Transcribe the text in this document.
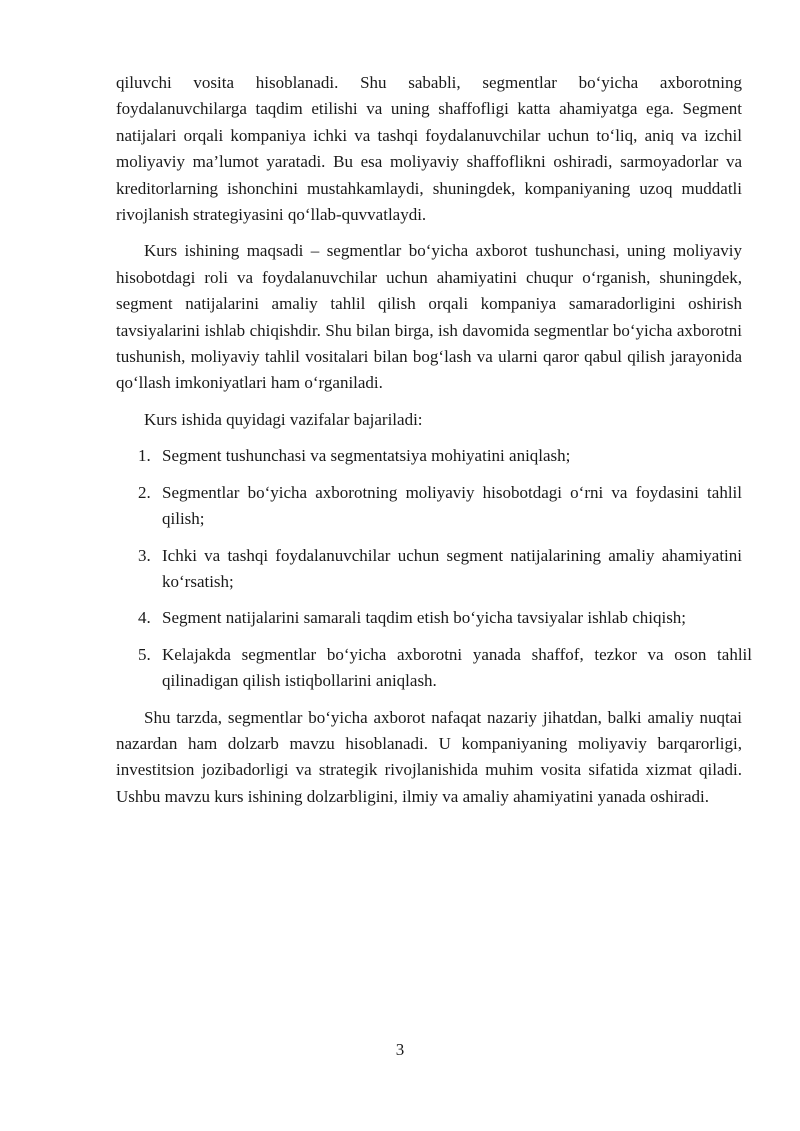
qiluvchi vosita hisoblanadi. Shu sababli, segmentlar bo‘yicha axborotning foydalanuvchilarga taqdim etilishi va uning shaffofligi katta ahamiyatga ega. Segment natijalari orqali kompaniya ichki va tashqi foydalanuvchilar uchun to‘liq, aniq va izchil moliyaviy ma’lumot yaratadi. Bu esa moliyaviy shaffoflikni oshiradi, sarmoyadorlar va kreditorlarning ishonchini mustahkamlaydi, shuningdek, kompaniyaning uzoq muddatli rivojlanish strategiyasini qo‘llab-quvvatlaydi.

Kurs ishining maqsadi – segmentlar bo‘yicha axborot tushunchasi, uning moliyaviy hisobotdagi roli va foydalanuvchilar uchun ahamiyatini chuqur o‘rganish, shuningdek, segment natijalarini amaliy tahlil qilish orqali kompaniya samaradorligini oshirish tavsiyalarini ishlab chiqishdir. Shu bilan birga, ish davomida segmentlar bo‘yicha axborotni tushunish, moliyaviy tahlil vositalari bilan bog‘lash va ularni qaror qabul qilish jarayonida qo‘llash imkoniyatlari ham o‘rganiladi.

Kurs ishida quyidagi vazifalar bajariladi:

1. Segment tushunchasi va segmentatsiya mohiyatini aniqlash;
2. Segmentlar bo‘yicha axborotning moliyaviy hisobotdagi o‘rni va foydasini tahlil qilish;
3. Ichki va tashqi foydalanuvchilar uchun segment natijalarining amaliy ahamiyatini ko‘rsatish;
4. Segment natijalarini samarali taqdim etish bo‘yicha tavsiyalar ishlab chiqish;
5. Kelajakda segmentlar bo‘yicha axborotni yanada shaffof, tezkor va oson tahlil qilinadigan qilish istiqbollarini aniqlash.

Shu tarzda, segmentlar bo‘yicha axborot nafaqat nazariy jihatdan, balki amaliy nuqtai nazardan ham dolzarb mavzu hisoblanadi. U kompaniyaning moliyaviy barqarorligi, investitsion jozibadorligi va strategik rivojlanishida muhim vosita sifatida xizmat qiladi. Ushbu mavzu kurs ishining dolzarbligini, ilmiy va amaliy ahamiyatini yanada oshiradi.

3
